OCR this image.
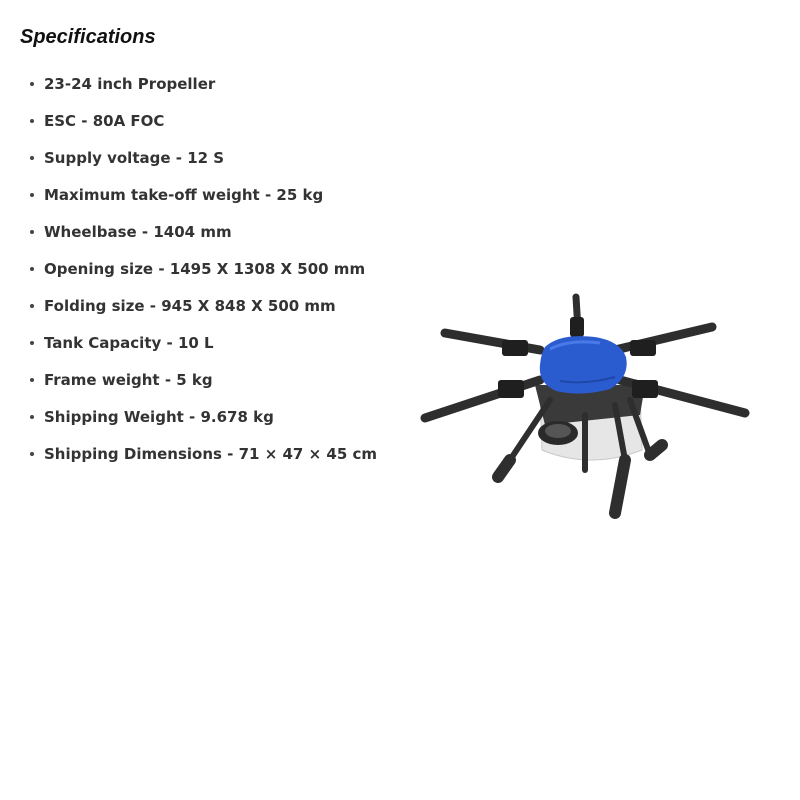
Specifications
23-24 inch Propeller
ESC - 80A FOC
Supply voltage - 12 S
Maximum take-off weight - 25 kg
Wheelbase - 1404 mm
Opening size - 1495 X 1308 X 500 mm
Folding size - 945 X 848 X 500 mm
Tank Capacity - 10 L
Frame weight - 5 kg
Shipping Weight - 9.678 kg
Shipping Dimensions - 71 × 47 × 45 cm
